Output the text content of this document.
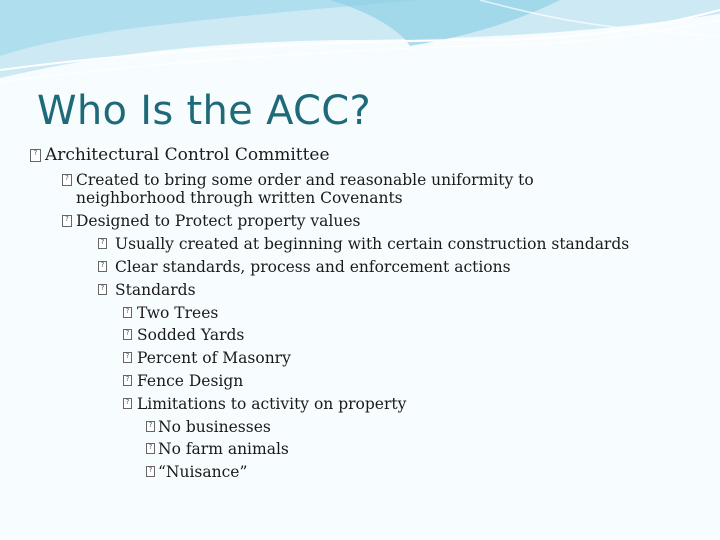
Who Is the ACC?
? Architectural Control Committee
? Created to bring some order and reasonable uniformity to
neighborhood through written Covenants
? Designed to Protect property values
? Usually created at beginning with certain construction standards
? Clear standards, process and enforcement actions
? Standards
? Two Trees
? Sodded Yards
? Percent of Masonry
? Fence Design
? Limitations to activity on property
? No businesses
? No farm animals
? “Nuisance”
